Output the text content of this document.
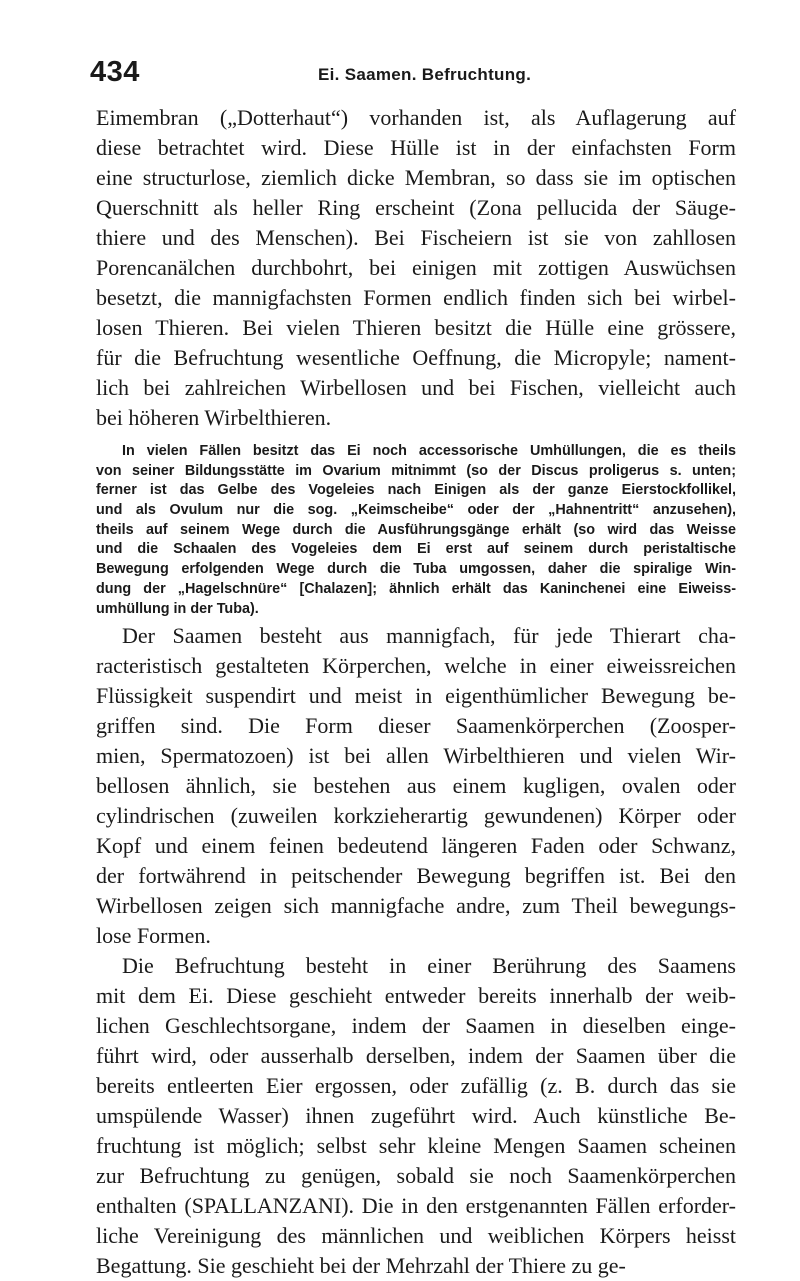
434	Ei. Saamen. Befruchtung.
Eimembran („Dotterhaut“) vorhanden ist, als Auflagerung auf
diese betrachtet wird. Diese Hülle ist in der einfachsten Form
eine structurlose, ziemlich dicke Membran, so dass sie im optischen
Querschnitt als heller Ring erscheint (Zona pellucida der Säuge-
thiere und des Menschen). Bei Fischeiern ist sie von zahllosen
Porencanälchen durchbohrt, bei einigen mit zottigen Auswüchsen
besetzt, die mannigfachsten Formen endlich finden sich bei wirbel-
losen Thieren. Bei vielen Thieren besitzt die Hülle eine grössere,
für die Befruchtung wesentliche Oeffnung, die Micropyle; nament-
lich bei zahlreichen Wirbellosen und bei Fischen, vielleicht auch
bei höheren Wirbelthieren.
In vielen Fällen besitzt das Ei noch accessorische Umhüllungen, die es theils
von seiner Bildungsstätte im Ovarium mitnimmt (so der Discus proligerus s. unten;
ferner ist das Gelbe des Vogeleies nach Einigen als der ganze Eierstockfollikel,
und als Ovulum nur die sog. „Keimscheibe“ oder der „Hahnentritt“ anzusehen),
theils auf seinem Wege durch die Ausführungsgänge erhält (so wird das Weisse
und die Schaalen des Vogeleies dem Ei erst auf seinem durch peristaltische
Bewegung erfolgenden Wege durch die Tuba umgossen, daher die spiralige Win-
dung der „Hagelschnüre“ [Chalazen]; ähnlich erhält das Kaninchenei eine Eiweiss-
umhüllung in der Tuba).
Der Saamen besteht aus mannigfach, für jede Thierart cha-
racteristisch gestalteten Körperchen, welche in einer eiweissreichen
Flüssigkeit suspendirt und meist in eigenthümlicher Bewegung be-
griffen sind. Die Form dieser Saamenkörperchen (Zoosper-
mien, Spermatozoen) ist bei allen Wirbelthieren und vielen Wir-
bellosen ähnlich, sie bestehen aus einem kugligen, ovalen oder
cylindrischen (zuweilen korkzieherartig gewundenen) Körper oder
Kopf und einem feinen bedeutend längeren Faden oder Schwanz,
der fortwährend in peitschender Bewegung begriffen ist. Bei den
Wirbellosen zeigen sich mannigfache andre, zum Theil bewegungs-
lose Formen.
Die Befruchtung besteht in einer Berührung des Saamens
mit dem Ei. Diese geschieht entweder bereits innerhalb der weib-
lichen Geschlechtsorgane, indem der Saamen in dieselben einge-
führt wird, oder ausserhalb derselben, indem der Saamen über die
bereits entleerten Eier ergossen, oder zufällig (z. B. durch das sie
umspülende Wasser) ihnen zugeführt wird. Auch künstliche Be-
fruchtung ist möglich; selbst sehr kleine Mengen Saamen scheinen
zur Befruchtung zu genügen, sobald sie noch Saamenkörperchen
enthalten (SPALLANZANI). Die in den erstgenannten Fällen erforder-
liche Vereinigung des männlichen und weiblichen Körpers heisst
Begattung. Sie geschieht bei der Mehrzahl der Thiere zu ge-
